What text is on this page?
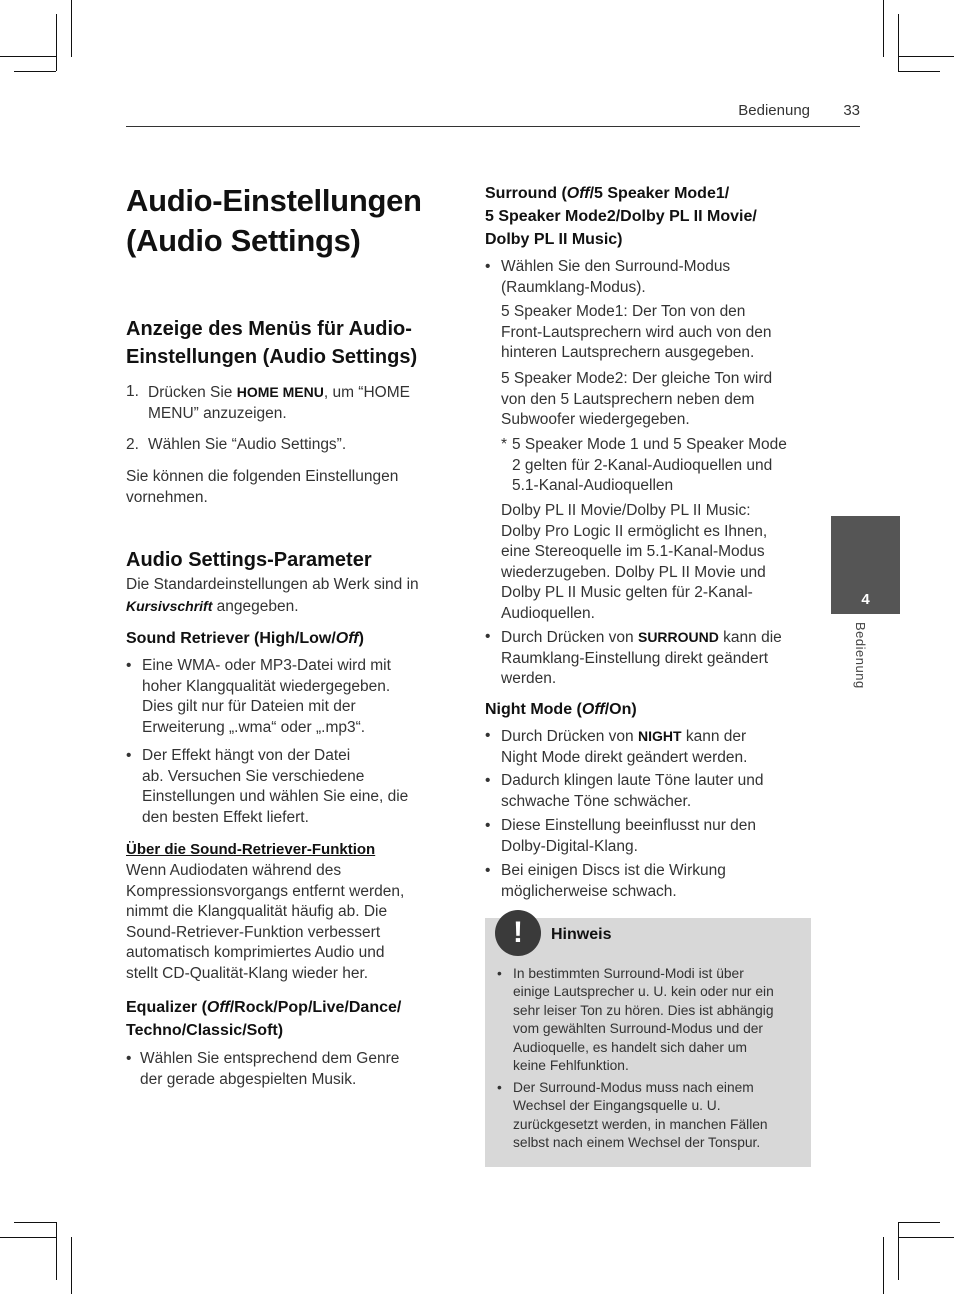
Bedienung 33
4
Bedienung
Audio-Einstellungen
(Audio Settings)
Anzeige des Menüs für Audio-
Einstellungen (Audio Settings)
1. Drücken Sie HOME MENU, um “HOME
MENU” anzuzeigen.
2. Wählen Sie “Audio Settings”.
Sie können die folgenden Einstellungen
vornehmen.
Audio Settings-Parameter
Die Standardeinstellungen ab Werk sind in
Kursivschrift angegeben.
Sound Retriever (High/Low/Off)
• Eine WMA- oder MP3-Datei wird mit
hoher Klangqualität wiedergegeben.
Dies gilt nur für Dateien mit der
Erweiterung „.wma“ oder „.mp3“.
• Der Effekt hängt von der Datei
ab. Versuchen Sie verschiedene
Einstellungen und wählen Sie eine, die
den besten Effekt liefert.
Über die Sound-Retriever-Funktion
Wenn Audiodaten während des
Kompressionsvorgangs entfernt werden,
nimmt die Klangqualität häufig ab. Die
Sound-Retriever-Funktion verbessert
automatisch komprimiertes Audio und
stellt CD-Qualität-Klang wieder her.
Equalizer (Off/Rock/Pop/Live/Dance/
Techno/Classic/Soft)
• Wählen Sie entsprechend dem Genre
der gerade abgespielten Musik.
Surround (Off/5 Speaker Mode1/
5 Speaker Mode2/Dolby PL II Movie/
Dolby PL II Music)
• Wählen Sie den Surround-Modus
(Raumklang-Modus).
5 Speaker Mode1: Der Ton von den
Front-Lautsprechern wird auch von den
hinteren Lautsprechern ausgegeben.
5 Speaker Mode2: Der gleiche Ton wird
von den 5 Lautsprechern neben dem
Subwoofer wiedergegeben.
* 5 Speaker Mode 1 und 5 Speaker Mode
2 gelten für 2-Kanal-Audioquellen und
5.1-Kanal-Audioquellen
Dolby PL II Movie/Dolby PL II Music:
Dolby Pro Logic II ermöglicht es Ihnen,
eine Stereoquelle im 5.1-Kanal-Modus
wiederzugeben. Dolby PL II Movie und
Dolby PL II Music gelten für 2-Kanal-
Audioquellen.
• Durch Drücken von SURROUND kann die
Raumklang-Einstellung direkt geändert
werden.
Night Mode (Off/On)
• Durch Drücken von NIGHT kann der
Night Mode direkt geändert werden.
• Dadurch klingen laute Töne lauter und
schwache Töne schwächer.
• Diese Einstellung beeinflusst nur den
Dolby-Digital-Klang.
• Bei einigen Discs ist die Wirkung
möglicherweise schwach.
!	Hinweis
• In bestimmten Surround-Modi ist über
einige Lautsprecher u. U. kein oder nur ein
sehr leiser Ton zu hören. Dies ist abhängig
vom gewählten Surround-Modus und der
Audioquelle, es handelt sich daher um
keine Fehlfunktion.
• Der Surround-Modus muss nach einem
Wechsel der Eingangsquelle u. U.
zurückgesetzt werden, in manchen Fällen
selbst nach einem Wechsel der Tonspur.
